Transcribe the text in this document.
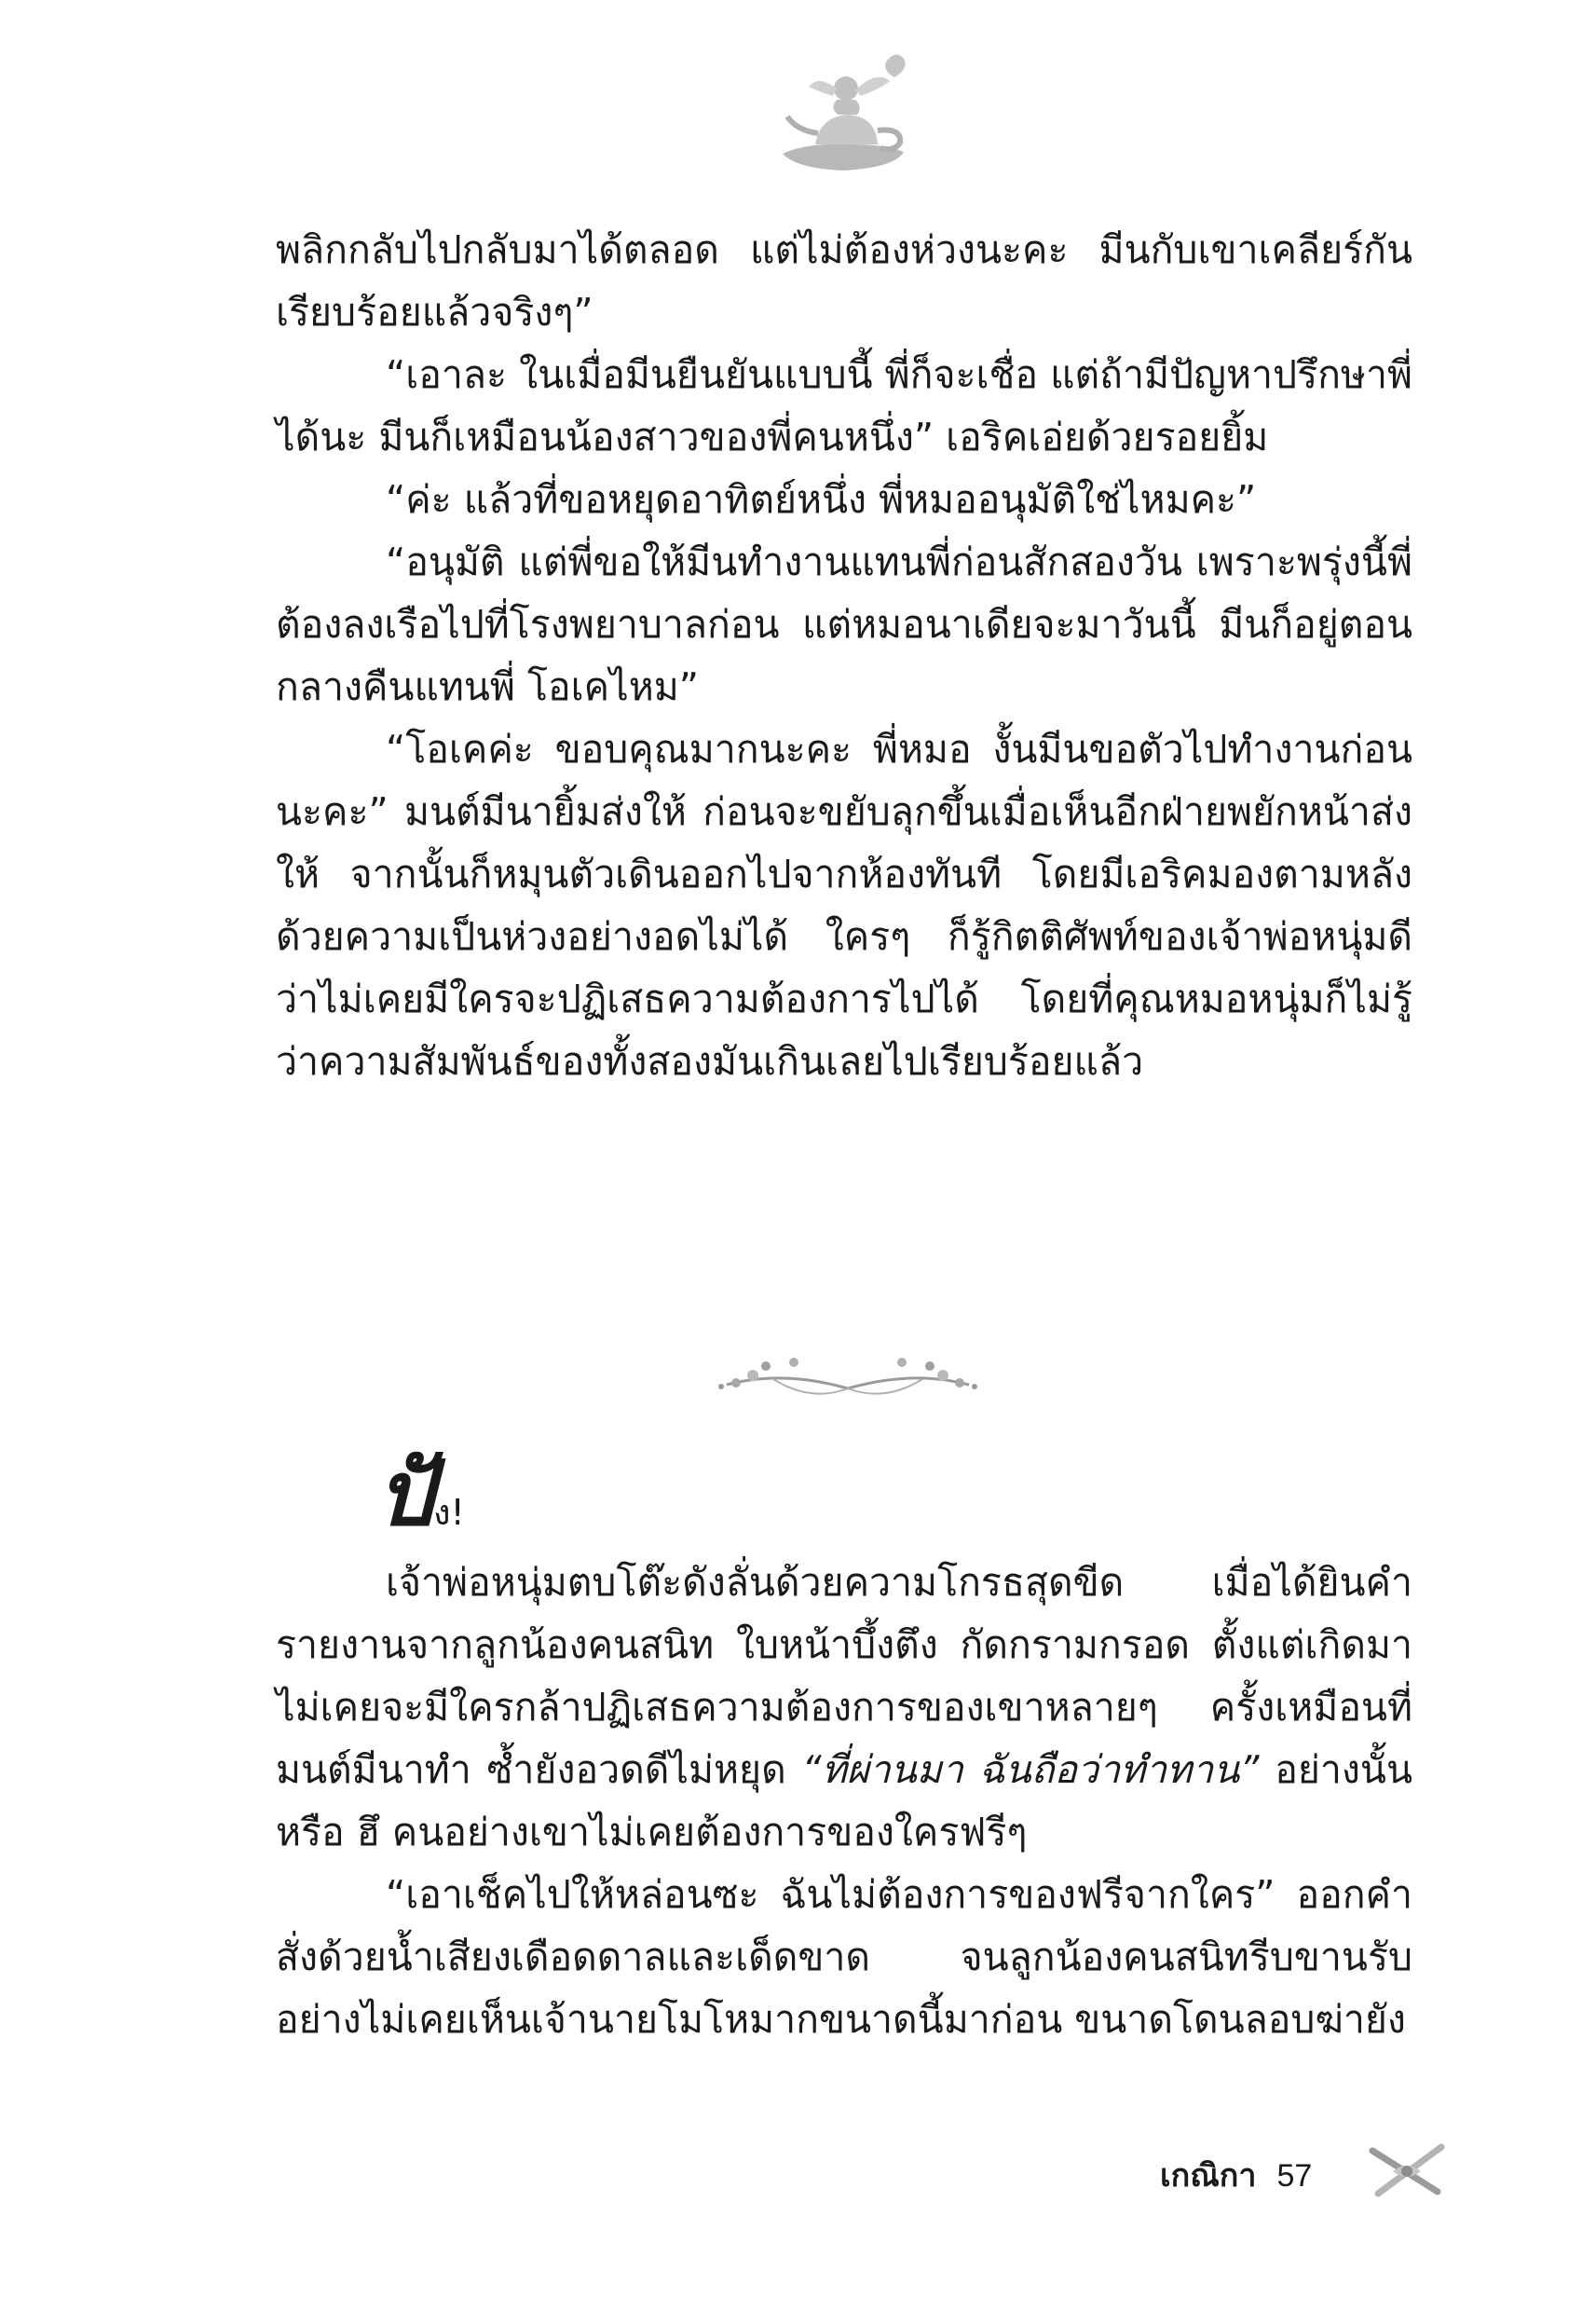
พลิกกลับไปกลับมาได้ตลอด แต่ไม่ต้องห่วงนะคะ มีนกับเขาเคลียร์กันเรียบร้อยแล้วจริงๆ”

“เอาละ ในเมื่อมีนยืนยันแบบนี้ พี่ก็จะเชื่อ แต่ถ้ามีปัญหาปรึกษาพี่ได้นะ มีนก็เหมือนน้องสาวของพี่คนหนึ่ง” เอริคเอ่ยด้วยรอยยิ้ม

“ค่ะ แล้วที่ขอหยุดอาทิตย์หนึ่ง พี่หมออนุมัติใช่ไหมคะ”

“อนุมัติ แต่พี่ขอให้มีนทำงานแทนพี่ก่อนสักสองวัน เพราะพรุ่งนี้พี่ต้องลงเรือไปที่โรงพยาบาลก่อน แต่หมอนาเดียจะมาวันนี้ มีนก็อยู่ตอนกลางคืนแทนพี่ โอเคไหม”

“โอเคค่ะ ขอบคุณมากนะคะ พี่หมอ งั้นมีนขอตัวไปทำงานก่อนนะคะ” มนต์มีนายิ้มส่งให้ ก่อนจะขยับลุกขึ้นเมื่อเห็นอีกฝ่ายพยักหน้าส่งให้ จากนั้นก็หมุนตัวเดินออกไปจากห้องทันที โดยมีเอริคมองตามหลังด้วยความเป็นห่วงอย่างอดไม่ได้ ใครๆ ก็รู้กิตติศัพท์ของเจ้าพ่อหนุ่มดี ว่าไม่เคยมีใครจะปฏิเสธความต้องการไปได้ โดยที่คุณหมอหนุ่มก็ไม่รู้ว่าความสัมพันธ์ของทั้งสองมันเกินเลยไปเรียบร้อยแล้ว

ปัง!

เจ้าพ่อหนุ่มตบโต๊ะดังลั่นด้วยความโกรธสุดขีด เมื่อได้ยินคำรายงานจากลูกน้องคนสนิท ใบหน้าบึ้งตึง กัดกรามกรอด ตั้งแต่เกิดมาไม่เคยจะมีใครกล้าปฏิเสธความต้องการของเขาหลายๆ ครั้งเหมือนที่มนต์มีนาทำ ซ้ำยังอวดดีไม่หยุด “ที่ผ่านมา ฉันถือว่าทำทาน” อย่างนั้นหรือ ฮึ คนอย่างเขาไม่เคยต้องการของใครฟรีๆ

“เอาเช็คไปให้หล่อนซะ ฉันไม่ต้องการของฟรีจากใคร” ออกคำสั่งด้วยน้ำเสียงเดือดดาลและเด็ดขาด จนลูกน้องคนสนิทรีบขานรับอย่างไม่เคยเห็นเจ้านายโมโหมากขนาดนี้มาก่อน ขนาดโดนลอบฆ่ายัง

เกณิกา 57
